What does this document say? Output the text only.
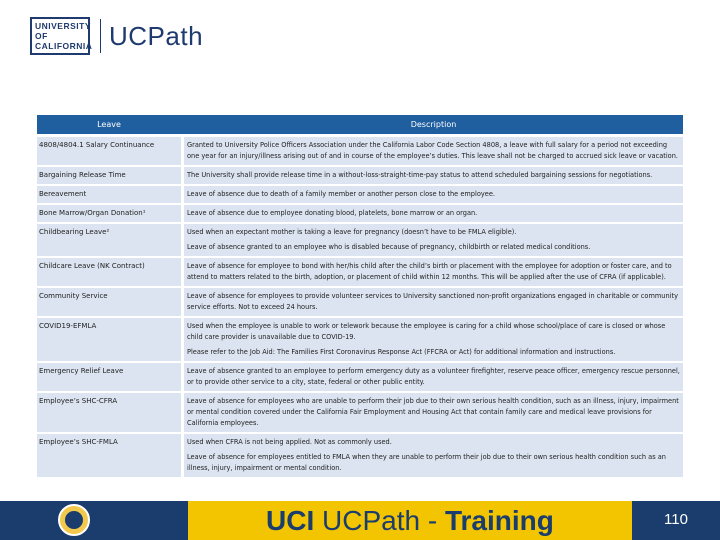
UNIVERSITY
OF
CALIFORNIA UCPath
Leave	Description
4808/4804.1 Salary Continuance	Granted to University Police Officers Association under the California Labor Code Section 4808, a leave with full salary for a period not exceeding one year for an injury/illness arising out of and in course of the employee’s duties. This leave shall not be charged to accrued sick leave or vacation.

Bargaining Release Time	The University shall provide release time in a without-loss-straight-time-pay status to attend scheduled bargaining sessions for negotiations.

Bereavement	Leave of absence due to death of a family member or another person close to the employee.

Bone Marrow/Organ Donation¹	Leave of absence due to employee donating blood, platelets, bone marrow or an organ.

Childbearing Leave²	Used when an expectant mother is taking a leave for pregnancy (doesn’t have to be FMLA eligible).

Leave of absence granted to an employee who is disabled because of pregnancy, childbirth or related medical conditions.

Childcare Leave (NK Contract)	Leave of absence for employee to bond with her/his child after the child’s birth or placement with the employee for adoption or foster care, and to attend to matters related to the birth, adoption, or placement of child within 12 months. This will be applied after the use of CFRA (if applicable).

Community Service	Leave of absence for employees to provide volunteer services to University sanctioned non-profit organizations engaged in charitable or community service efforts. Not to exceed 24 hours.

COVID19-EFMLA	Used when the employee is unable to work or telework because the employee is caring for a child whose school/place of care is closed or whose child care provider is unavailable due to COVID-19.

Please refer to the Job Aid: The Families First Coronavirus Response Act (FFCRA or Act) for additional information and instructions.

Emergency Relief Leave	Leave of absence granted to an employee to perform emergency duty as a volunteer firefighter, reserve peace officer, emergency rescue personnel, or to provide other service to a city, state, federal or other public entity.

Employee’s SHC-CFRA	Leave of absence for employees who are unable to perform their job due to their own serious health condition, such as an illness, injury, impairment or mental condition covered under the California Fair Employment and Housing Act that contain family care and medical leave provisions for California employees.

Employee’s SHC-FMLA	Used when CFRA is not being applied. Not as commonly used.

Leave of absence for employees entitled to FMLA when they are unable to perform their job due to their own serious health condition such as an illness, injury, impairment or mental condition.

UCI UCPath - Training	110
